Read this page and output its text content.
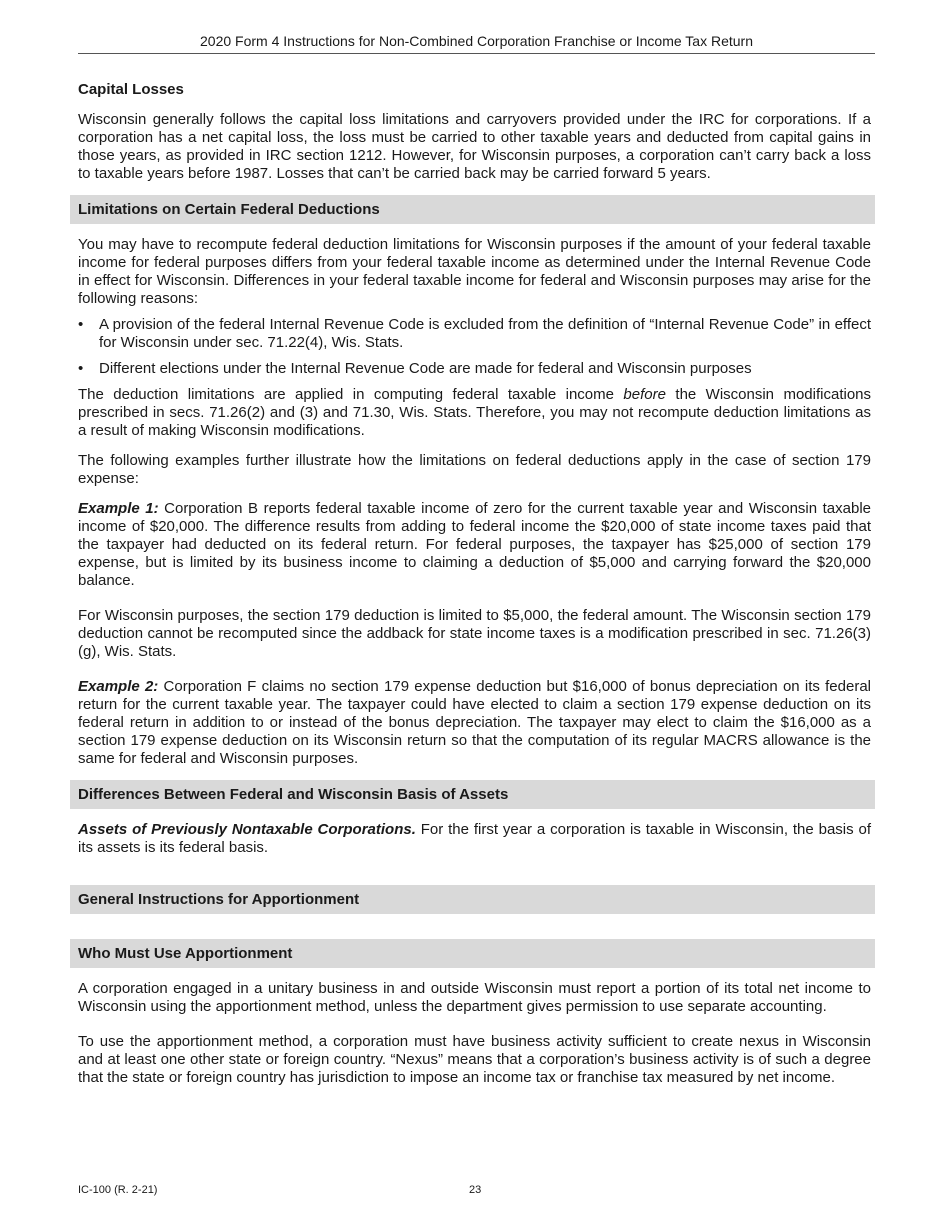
2020 Form 4 Instructions for Non-Combined Corporation Franchise or Income Tax Return
Capital Losses

Wisconsin generally follows the capital loss limitations and carryovers provided under the IRC for corporations. If a corporation has a net capital loss, the loss must be carried to other taxable years and deducted from capital gains in those years, as provided in IRC section 1212. However, for Wisconsin purposes, a corporation can’t carry back a loss to taxable years before 1987. Losses that can’t be carried back may be carried forward 5 years.

Limitations on Certain Federal Deductions

You may have to recompute federal deduction limitations for Wisconsin purposes if the amount of your federal taxable income for federal purposes differs from your federal taxable income as determined under the Internal Revenue Code in effect for Wisconsin. Differences in your federal taxable income for federal and Wisconsin purposes may arise for the following reasons:

• A provision of the federal Internal Revenue Code is excluded from the definition of “Internal Revenue Code” in effect for Wisconsin under sec. 71.22(4), Wis. Stats.
• Different elections under the Internal Revenue Code are made for federal and Wisconsin purposes

The deduction limitations are applied in computing federal taxable income before the Wisconsin modifications prescribed in secs. 71.26(2) and (3) and 71.30, Wis. Stats. Therefore, you may not recompute deduction limitations as a result of making Wisconsin modifications.

The following examples further illustrate how the limitations on federal deductions apply in the case of section 179 expense:

Example 1: Corporation B reports federal taxable income of zero for the current taxable year and Wisconsin taxable income of $20,000. The difference results from adding to federal income the $20,000 of state income taxes paid that the taxpayer had deducted on its federal return. For federal purposes, the taxpayer has $25,000 of section 179 expense, but is limited by its business income to claiming a deduction of $5,000 and carrying forward the $20,000 balance.

For Wisconsin purposes, the section 179 deduction is limited to $5,000, the federal amount. The Wisconsin section 179 deduction cannot be recomputed since the addback for state income taxes is a modification prescribed in sec. 71.26(3)(g), Wis. Stats.

Example 2: Corporation F claims no section 179 expense deduction but $16,000 of bonus depreciation on its federal return for the current taxable year. The taxpayer could have elected to claim a section 179 expense deduction on its federal return in addition to or instead of the bonus depreciation. The taxpayer may elect to claim the $16,000 as a section 179 expense deduction on its Wisconsin return so that the computation of its regular MACRS allowance is the same for federal and Wisconsin purposes.

Differences Between Federal and Wisconsin Basis of Assets

Assets of Previously Nontaxable Corporations. For the first year a corporation is taxable in Wisconsin, the basis of its assets is its federal basis.

General Instructions for Apportionment
Who Must Use Apportionment

A corporation engaged in a unitary business in and outside Wisconsin must report a portion of its total net income to Wisconsin using the apportionment method, unless the department gives permission to use separate accounting.

To use the apportionment method, a corporation must have business activity sufficient to create nexus in Wisconsin and at least one other state or foreign country. “Nexus” means that a corporation’s business activity is of such a degree that the state or foreign country has jurisdiction to impose an income tax or franchise tax measured by net income.

IC-100 (R. 2-21)	23
